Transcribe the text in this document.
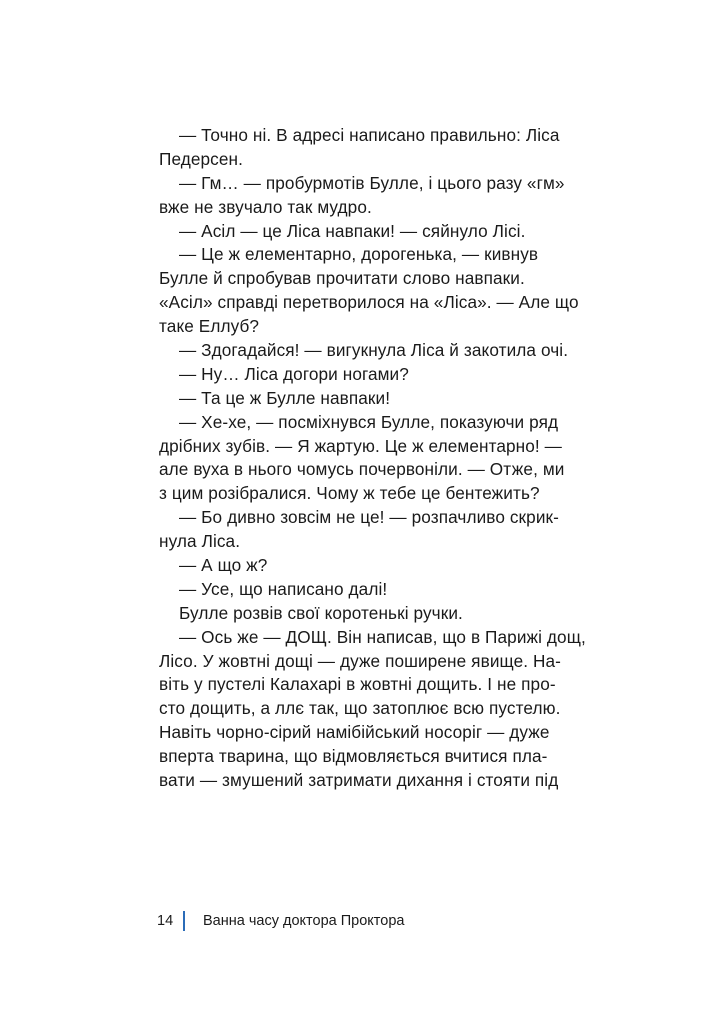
— Точно ні. В адресі написано правильно: Ліса
Педерсен.
— Гм… — пробурмотів Булле, і цього разу «гм»
вже не звучало так мудро.
— Асіл — це Ліса навпаки! — сяйнуло Лісі.
— Це ж елементарно, дорогенька, — кивнув
Булле й спробував прочитати слово навпаки.
«Асіл» справді перетворилося на «Ліса». — Але що
таке Еллуб?
— Здогадайся! — вигукнула Ліса й закотила очі.
— Ну… Ліса догори ногами?
— Та це ж Булле навпаки!
— Хе-хе, — посміхнувся Булле, показуючи ряд
дрібних зубів. — Я жартую. Це ж елементарно! —
але вуха в нього чомусь почервоніли. — Отже, ми
з цим розібралися. Чому ж тебе це бентежить?
— Бо дивно зовсім не це! — розпачливо скрик-
нула Ліса.
— А що ж?
— Усе, що написано далі!
Булле розвів свої коротенькі ручки.
— Ось же — ДОЩ. Він написав, що в Парижі дощ,
Лісо. У жовтні дощі — дуже поширене явище. На-
віть у пустелі Калахарі в жовтні дощить. І не про-
сто дощить, а ллє так, що затоплює всю пустелю.
Навіть чорно-сірий намібійський носоріг — дуже
вперта тварина, що відмовляється вчитися пла-
вати — змушений затримати дихання і стояти під
14	Ванна часу доктора Проктора
